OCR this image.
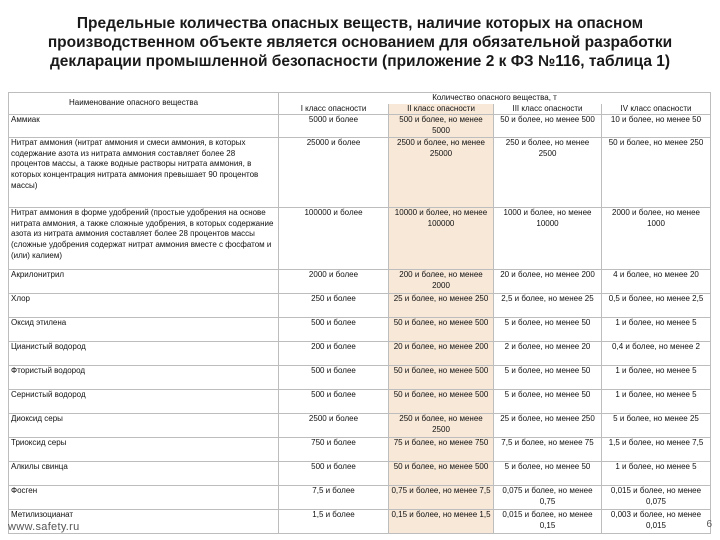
Предельные количества опасных веществ, наличие которых на опасном
производственном объекте является основанием для обязательной разработки
декларации промышленной безопасности (приложение 2 к ФЗ №116, таблица 1)
Наименование опасного вещества	Количество опасного вещества, т			
	I класс опасности	II класс опасности	III класс опасности	IV класс опасности
Аммиак	5000 и более	500 и более, но менее 5000	50 и более, но менее 500	10 и более, но менее 50
Нитрат аммония (нитрат аммония и смеси аммония, в которых содержание азота из нитрата аммония составляет более 28 процентов массы, а также водные растворы нитрата аммония, в которых концентрация нитрата аммония превышает 90 процентов массы)	25000 и более	2500 и более, но менее 25000	250 и более, но менее 2500	50 и более, но менее 250
Нитрат аммония в форме удобрений (простые удобрения на основе нитрата аммония, а также сложные удобрения, в которых содержание азота из нитрата аммония составляет более 28 процентов массы (сложные удобрения содержат нитрат аммония вместе с фосфатом и (или) калием)	100000 и более	10000 и более, но менее 100000	1000 и более, но менее 10000	2000 и более, но менее 1000
Акрилонитрил	2000 и более	200 и более, но менее 2000	20 и более, но менее 200	4 и более, но менее 20
Хлор	250 и более	25 и более, но менее 250	2,5 и более, но менее 25	0,5 и более, но менее 2,5
Оксид этилена	500 и более	50 и более, но менее 500	5 и более, но менее 50	1 и более, но менее 5
Цианистый водород	200 и более	20 и более, но менее 200	2 и более, но менее 20	0,4 и более, но менее 2
Фтористый водород	500 и более	50 и более, но менее 500	5 и более, но менее 50	1 и более, но менее 5
Сернистый водород	500 и более	50 и более, но менее 500	5 и более, но менее 50	1 и более, но менее 5
Диоксид серы	2500 и более	250 и более, но менее 2500	25 и более, но менее 250	5 и более, но менее 25
Триоксид серы	750 и более	75 и более, но менее 750	7,5 и более, но менее 75	1,5 и более, но менее 7,5
Алкилы свинца	500 и более	50 и более, но менее 500	5 и более, но менее 50	1 и более, но менее 5
Фосген	7,5 и более	0,75 и более, но менее 7,5	0,075 и более, но менее 0,75	0,015 и более, но менее 0,075
Метилизоцианат	1,5 и более	0,15 и более, но менее 1,5	0,015 и более, но менее 0,15	0,003 и более, но менее 0,015
www.safety.ru	6
